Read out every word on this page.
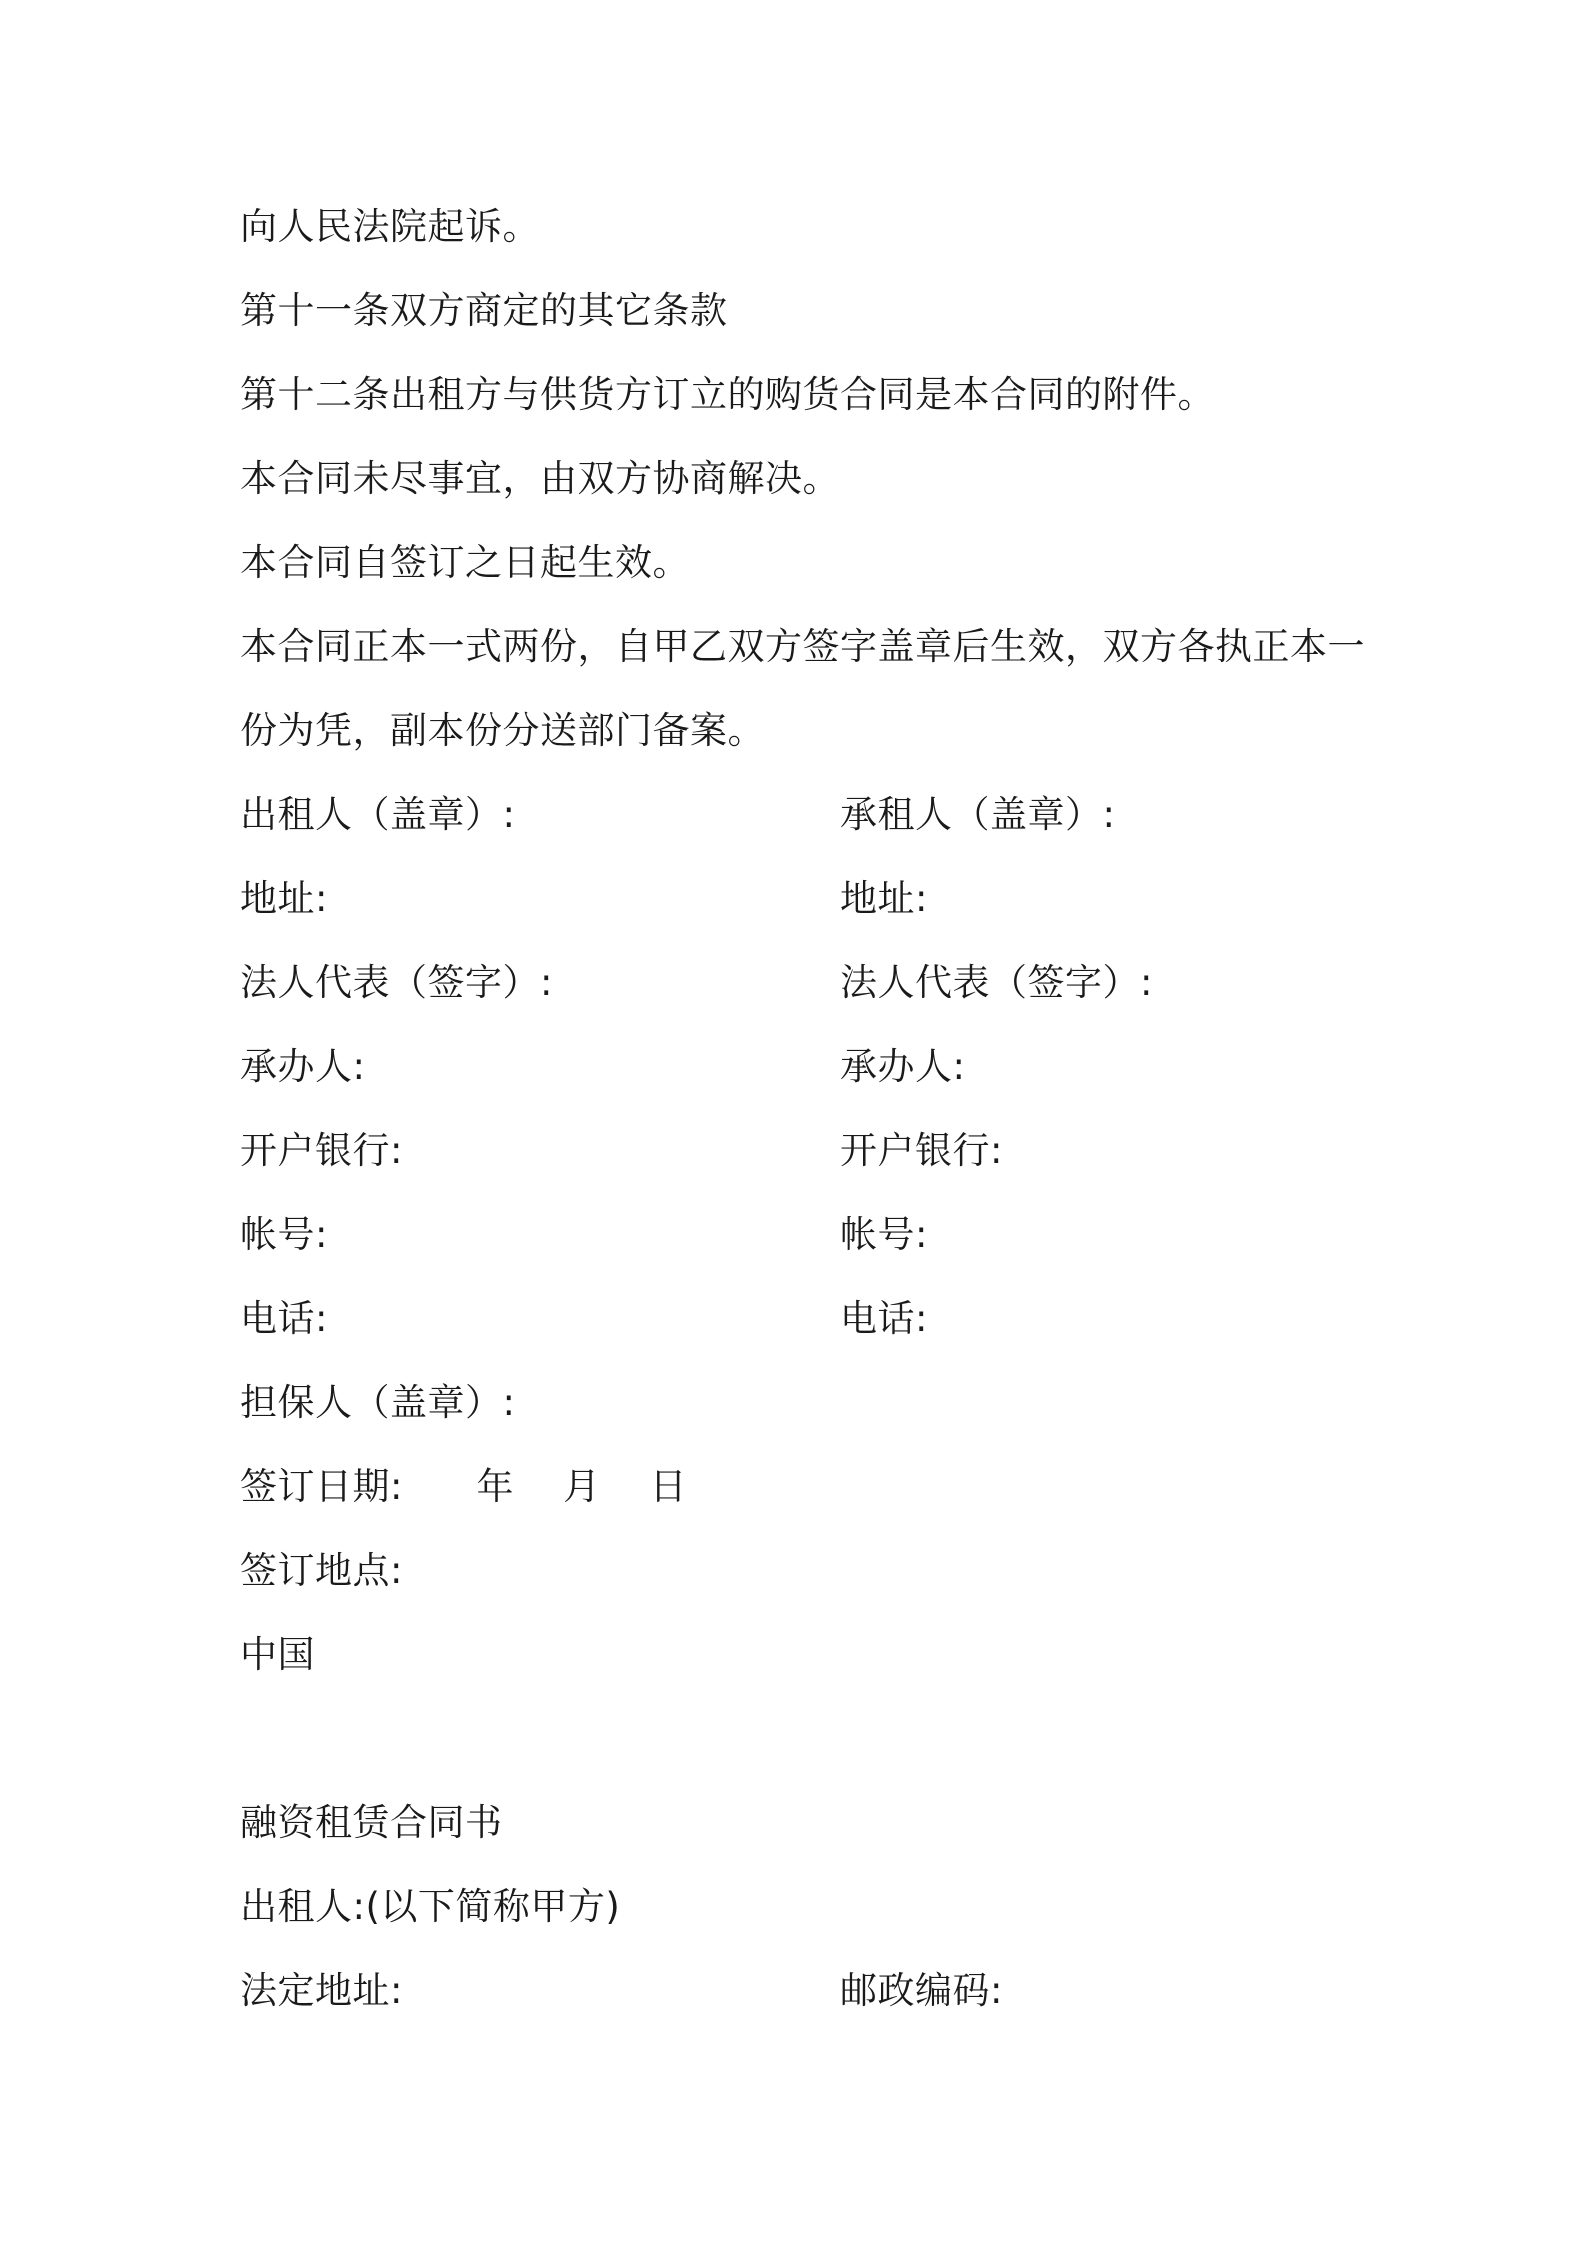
向人民法院起诉。
第十一条双方商定的其它条款
第十二条出租方与供货方订立的购货合同是本合同的附件。
本合同未尽事宜，由双方协商解决。
本合同自签订之日起生效。
本合同正本一式两份，自甲乙双方签字盖章后生效，双方各执正本一
份为凭，副本份分送部门备案。
出租人（盖章）:	承租人（盖章）:
地址:	地址:
法人代表（签字）:	法人代表（签字）:
承办人:	承办人:
开户银行:	开户银行:
帐号:	帐号:
电话:	电话:
担保人（盖章）:
签订日期:      年    月    日
签订地点:
中国
融资租赁合同书
出租人:(以下简称甲方)
法定地址:	邮政编码:
